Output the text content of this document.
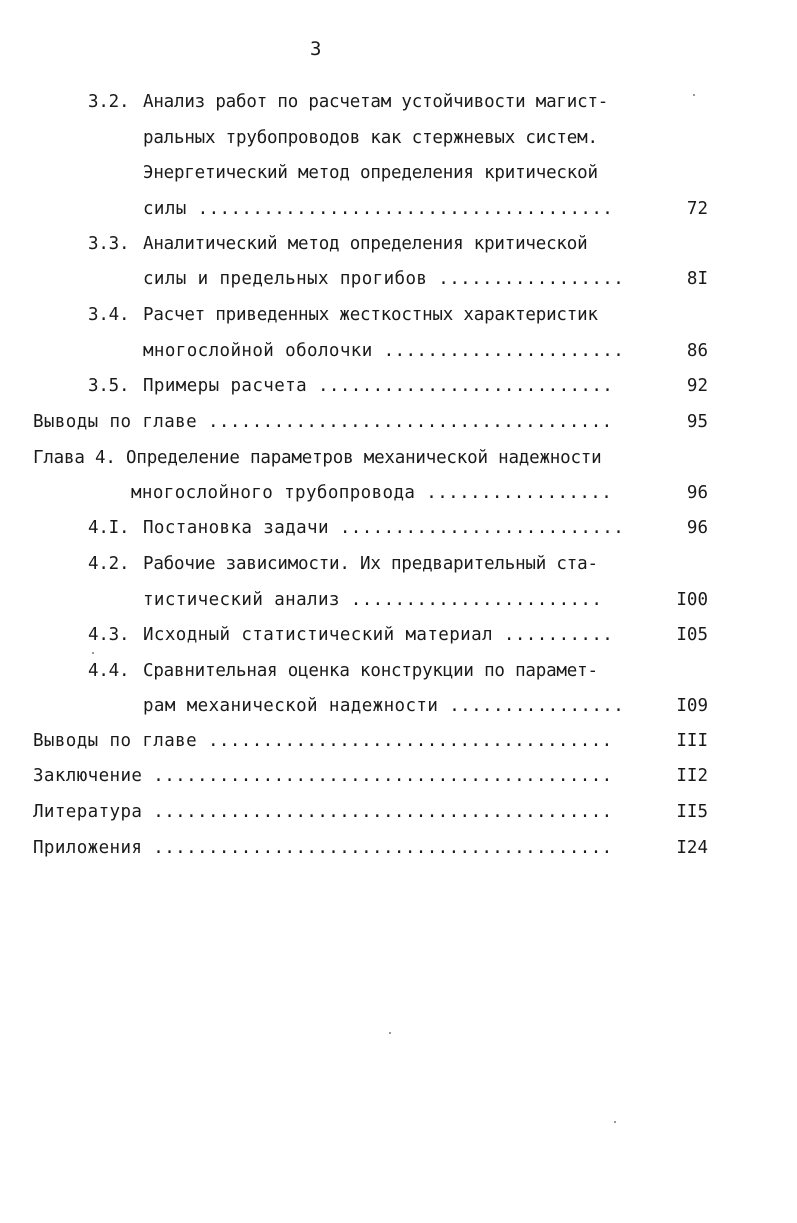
3
3.2. Анализ работ по расчетам устойчивости магист-
ральных трубопроводов как стержневых систем.
Энергетический метод определения критической
силы ......................................	72
3.3. Аналитический метод определения критической
силы и предельных прогибов .................	8I
3.4. Расчет приведенных жесткостных характеристик
многослойной оболочки ......................	86
3.5. Примеры расчета ...........................	92
Выводы по главе .....................................	95
Глава 4. Определение параметров механической надежности
многослойного трубопровода .................	96
4.I. Постановка задачи ..........................	96
4.2. Рабочие зависимости. Их предварительный ста-
тистический анализ .......................	I00
4.3. Исходный статистический материал ..........	I05
4.4. Сравнительная оценка конструкции по парамет-
рам механической надежности ................	I09
Выводы по главе .....................................	III
Заключение ..........................................	II2
Литература ..........................................	II5
Приложения ..........................................	I24
